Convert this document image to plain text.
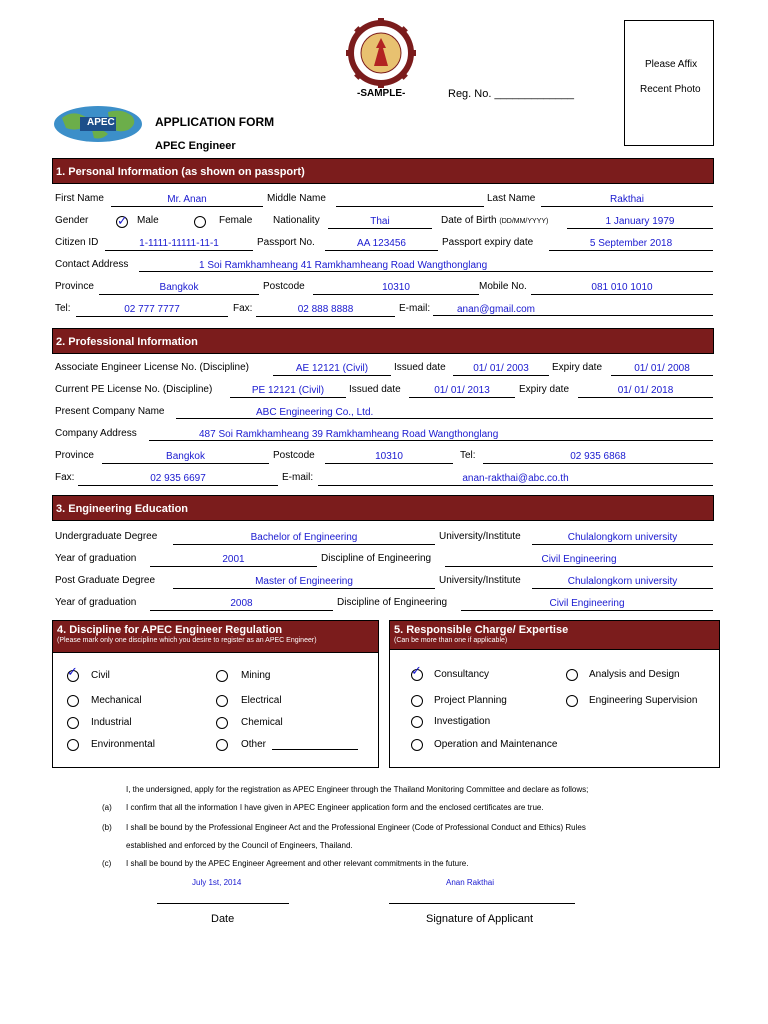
-SAMPLE-	Reg. No. _____________
Please Affix
Recent Photo
APEC	APPLICATION FORM
APEC Engineer
1. Personal Information (as shown on passport)
First Name	Mr. Anan	Middle Name	Last Name	Rakthai
Gender ✓ Male	Female Nationality	Thai	Date of Birth (DD/MM/YYYY)	1 January 1979
Citizen ID	1-1111-11111-11-1	Passport No.	AA 123456	Passport expiry date	5 September 2018
Contact Address	1 Soi Ramkhamheang 41 Ramkhamheang Road Wangthonglang
Province	Bangkok	Postcode	10310	Mobile No.	081 010 1010
Tel:	02 777 7777	Fax:	02 888 8888	E-mail:	anan@gmail.com
2. Professional Information
Associate Engineer License No. (Discipline)	AE 12121 (Civil)	Issued date	01/ 01/ 2003	Expiry date	01/ 01/ 2008
Current PE License No. (Discipline)	PE 12121 (Civil)	Issued date	01/ 01/ 2013	Expiry date	01/ 01/ 2018
Present Company Name	ABC Engineering Co., Ltd.
Company Address	487 Soi Ramkhamheang 39 Ramkhamheang Road Wangthonglang
Province	Bangkok	Postcode	10310	Tel:	02 935 6868
Fax:	02 935 6697	E-mail:	anan-rakthai@abc.co.th
3. Engineering Education
Undergraduate Degree	Bachelor of Engineering	University/Institute	Chulalongkorn university
Year of graduation	2001	Discipline of Engineering	Civil Engineering
Post Graduate Degree	Master of Engineering	University/Institute	Chulalongkorn university
Year of graduation	2008	Discipline of Engineering	Civil Engineering
4. Discipline for APEC Engineer Regulation
(Please mark only one discipline which you desire to register as an APEC Engineer)
✓ Civil	Mining
Mechanical	Electrical
Industrial	Chemical
Environmental	Other
5. Responsible Charge/ Expertise
(Can be more than one if applicable)
✓ Consultancy	Analysis and Design
Project Planning	Engineering Supervision
Investigation
Operation and Maintenance
I, the undersigned, apply for the registration as APEC Engineer through the Thailand Monitoring Committee and declare as follows;
(a) I confirm that all the information I have given in APEC Engineer application form and the enclosed certificates are true.
(b) I shall be bound by the Professional Engineer Act and the Professional Engineer (Code of Professional Conduct and Ethics) Rules
established and enforced by the Council of Engineers, Thailand.
(c) I shall be bound by the APEC Engineer Agreement and other relevant commitments in the future.
July 1st, 2014	Anan Rakthai
Date	Signature of Applicant
